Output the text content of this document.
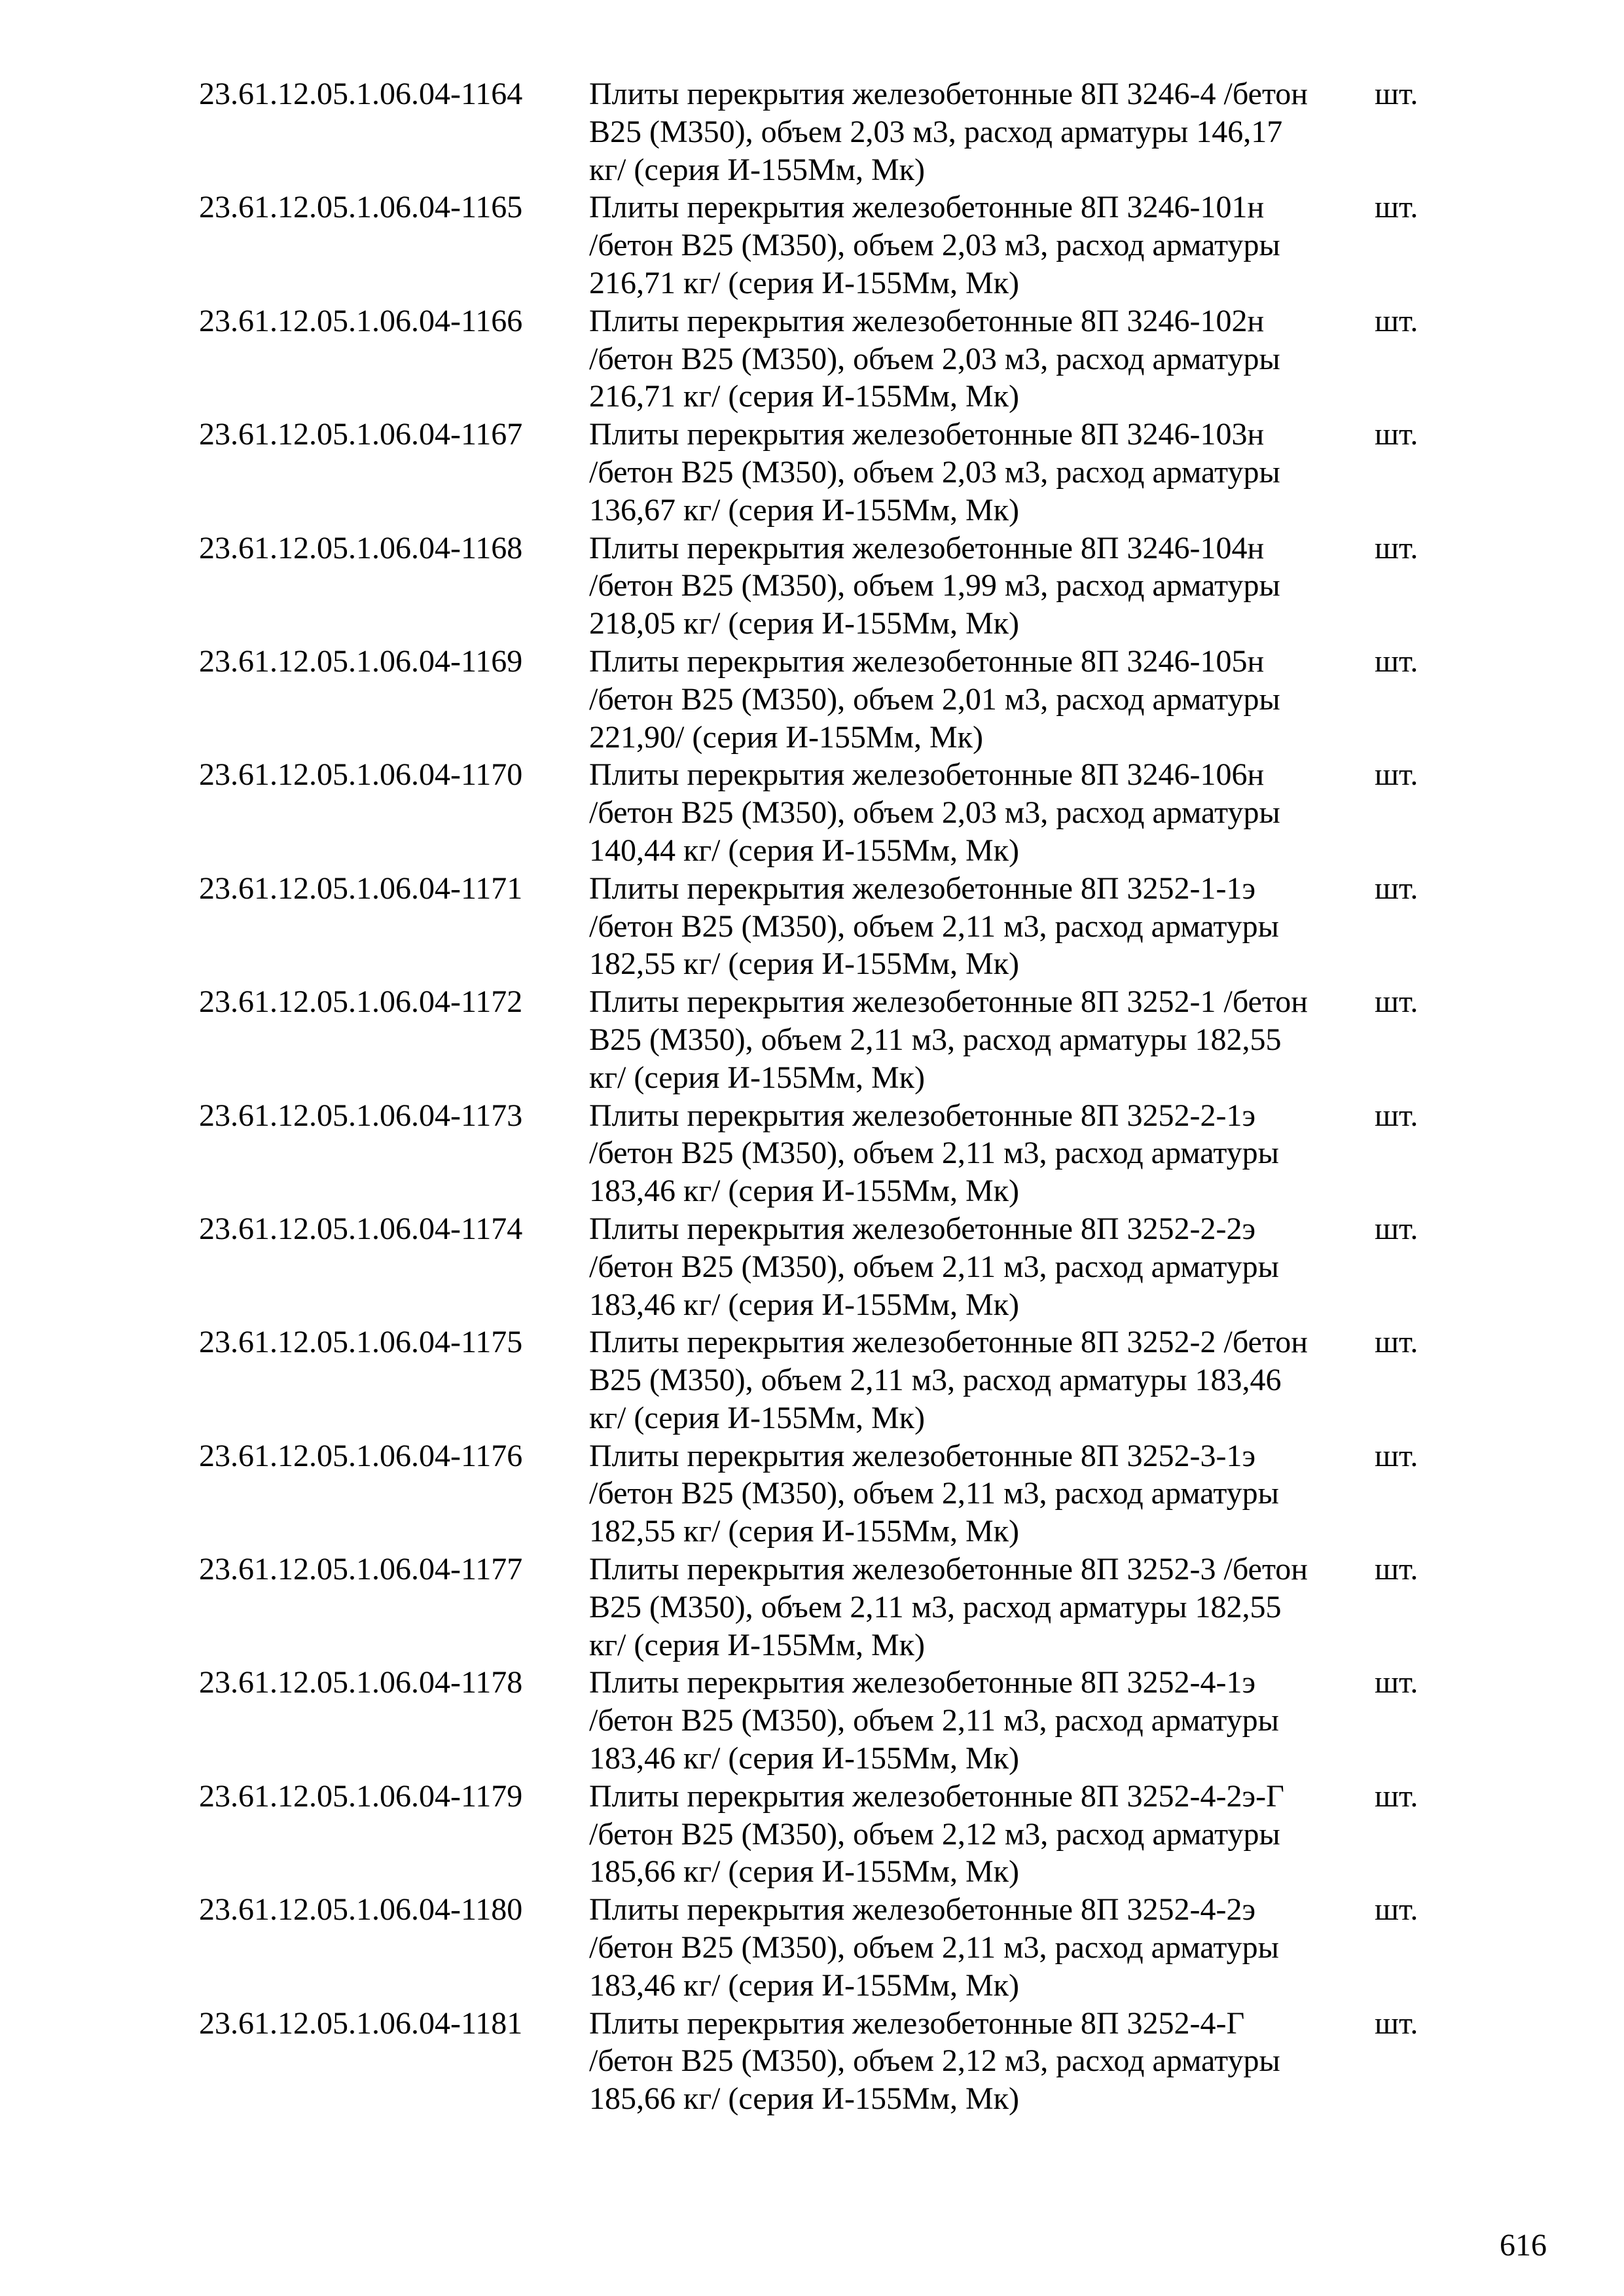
23.61.12.05.1.06.04-1164	Плиты перекрытия железобетонные 8П 3246-4 /бетон
В25 (М350), объем 2,03 м3, расход арматуры 146,17
кг/ (серия И-155Мм, Мк)
шт.
23.61.12.05.1.06.04-1165	Плиты перекрытия железобетонные 8П 3246-101н
/бетон В25 (М350), объем 2,03 м3, расход арматуры
216,71 кг/ (серия И-155Мм, Мк)
шт.
23.61.12.05.1.06.04-1166	Плиты перекрытия железобетонные 8П 3246-102н
/бетон В25 (М350), объем 2,03 м3, расход арматуры
216,71 кг/ (серия И-155Мм, Мк)
шт.
23.61.12.05.1.06.04-1167	Плиты перекрытия железобетонные 8П 3246-103н
/бетон В25 (М350), объем 2,03 м3, расход арматуры
136,67 кг/ (серия И-155Мм, Мк)
шт.
23.61.12.05.1.06.04-1168	Плиты перекрытия железобетонные 8П 3246-104н
/бетон В25 (М350), объем 1,99 м3, расход арматуры
218,05 кг/ (серия И-155Мм, Мк)
шт.
23.61.12.05.1.06.04-1169	Плиты перекрытия железобетонные 8П 3246-105н
/бетон В25 (М350), объем 2,01 м3, расход арматуры
221,90/ (серия И-155Мм, Мк)
шт.
23.61.12.05.1.06.04-1170	Плиты перекрытия железобетонные 8П 3246-106н
/бетон В25 (М350), объем 2,03 м3, расход арматуры
140,44 кг/ (серия И-155Мм, Мк)
шт.
23.61.12.05.1.06.04-1171	Плиты перекрытия железобетонные 8П 3252-1-1э
/бетон В25 (М350), объем 2,11 м3, расход арматуры
182,55 кг/ (серия И-155Мм, Мк)
шт.
23.61.12.05.1.06.04-1172	Плиты перекрытия железобетонные 8П 3252-1 /бетон
В25 (М350), объем 2,11 м3, расход арматуры 182,55
кг/ (серия И-155Мм, Мк)
шт.
23.61.12.05.1.06.04-1173	Плиты перекрытия железобетонные 8П 3252-2-1э
/бетон В25 (М350), объем 2,11 м3, расход арматуры
183,46 кг/ (серия И-155Мм, Мк)
шт.
23.61.12.05.1.06.04-1174	Плиты перекрытия железобетонные 8П 3252-2-2э
/бетон В25 (М350), объем 2,11 м3, расход арматуры
183,46 кг/ (серия И-155Мм, Мк)
шт.
23.61.12.05.1.06.04-1175	Плиты перекрытия железобетонные 8П 3252-2 /бетон
В25 (М350), объем 2,11 м3, расход арматуры 183,46
кг/ (серия И-155Мм, Мк)
шт.
23.61.12.05.1.06.04-1176	Плиты перекрытия железобетонные 8П 3252-3-1э
/бетон В25 (М350), объем 2,11 м3, расход арматуры
182,55 кг/ (серия И-155Мм, Мк)
шт.
23.61.12.05.1.06.04-1177	Плиты перекрытия железобетонные 8П 3252-3 /бетон
В25 (М350), объем 2,11 м3, расход арматуры 182,55
кг/ (серия И-155Мм, Мк)
шт.
23.61.12.05.1.06.04-1178	Плиты перекрытия железобетонные 8П 3252-4-1э
/бетон В25 (М350), объем 2,11 м3, расход арматуры
183,46 кг/ (серия И-155Мм, Мк)
шт.
23.61.12.05.1.06.04-1179	Плиты перекрытия железобетонные 8П 3252-4-2э-Г
/бетон В25 (М350), объем 2,12 м3, расход арматуры
185,66 кг/ (серия И-155Мм, Мк)
шт.
23.61.12.05.1.06.04-1180	Плиты перекрытия железобетонные 8П 3252-4-2э
/бетон В25 (М350), объем 2,11 м3, расход арматуры
183,46 кг/ (серия И-155Мм, Мк)
шт.
23.61.12.05.1.06.04-1181	Плиты перекрытия железобетонные 8П 3252-4-Г
/бетон В25 (М350), объем 2,12 м3, расход арматуры
185,66 кг/ (серия И-155Мм, Мк)
шт.
616
